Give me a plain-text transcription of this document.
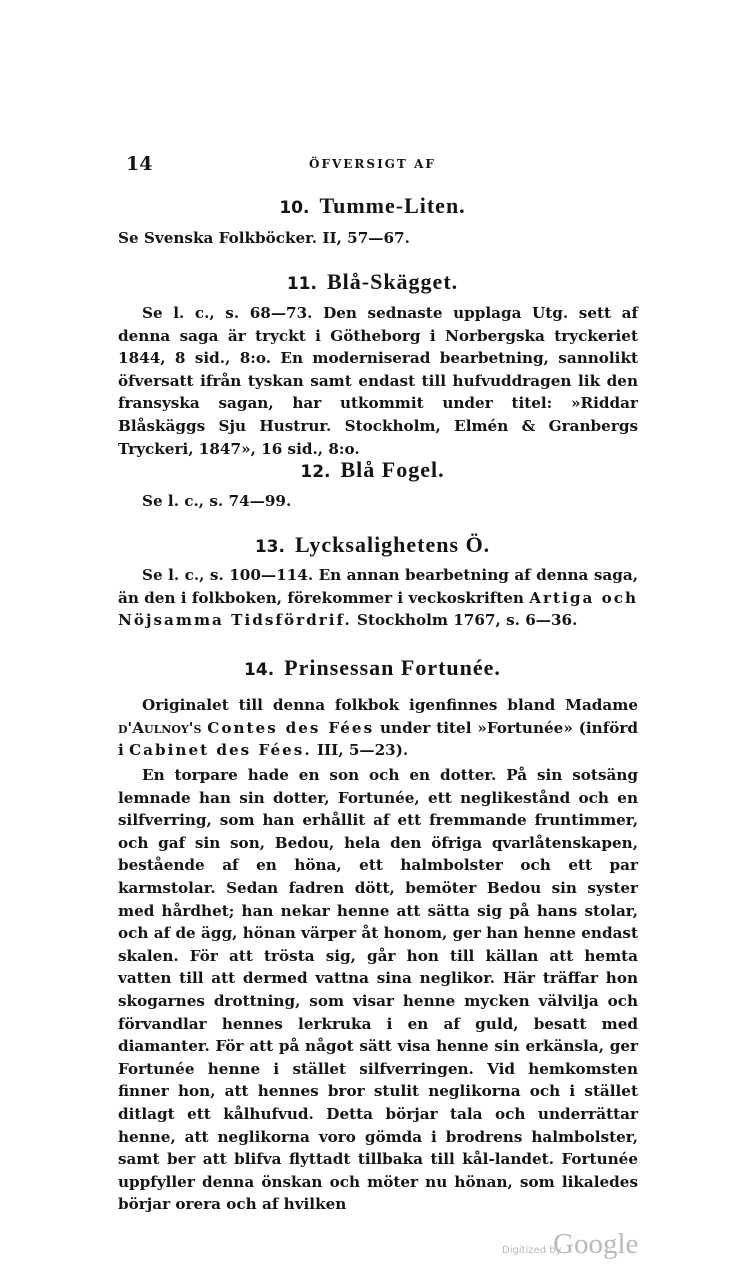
14	ÖFVERSIGT AF
10. Tumme-Liten.
Se Svenska Folkböcker. II, 57—67.
11. Blå-Skägget.
Se l. c., s. 68—73. Den sednaste upplaga Utg. sett af denna saga är tryckt i Götheborg i Norbergska tryckeriet 1844, 8 sid., 8:o. En moderniserad bearbetning, sannolikt öfversatt ifrån tyskan samt endast till hufvuddragen lik den fransyska sagan, har utkommit under titel: »Riddar Blåskäggs Sju Hustrur. Stockholm, Elmén & Granbergs Tryckeri, 1847», 16 sid., 8:o.
12. Blå Fogel.
Se l. c., s. 74—99.
13. Lycksalighetens Ö.
Se l. c., s. 100—114. En annan bearbetning af denna saga, än den i folkboken, förekommer i veckoskriften Artiga och Nöjsamma Tidsfördrif. Stockholm 1767, s. 6—36.
14. Prinsessan Fortunée.
Originalet till denna folkbok igenfinnes bland Madame d'Aulnoy's Contes des Fées under titel »Fortunée» (införd i Cabinet des Fées. III, 5—23).
En torpare hade en son och en dotter. På sin sotsäng lemnade han sin dotter, Fortunée, ett neglikestånd och en silfverring, som han erhållit af ett fremmande fruntimmer, och gaf sin son, Bedou, hela den öfriga qvarlåtenskapen, bestående af en höna, ett halmbolster och ett par karmstolar. Sedan fadren dött, bemöter Bedou sin syster med hårdhet; han nekar henne att sätta sig på hans stolar, och af de ägg, hönan värper åt honom, ger han henne endast skalen. För att trösta sig, går hon till källan att hemta vatten till att dermed vattna sina neglikor. Här träffar hon skogarnes drottning, som visar henne mycken välvilja och förvandlar hennes lerkruka i en af guld, besatt med diamanter. För att på något sätt visa henne sin erkänsla, ger Fortunée henne i stället silfverringen. Vid hemkomsten finner hon, att hennes bror stulit neglikorna och i stället ditlagt ett kålhufvud. Detta börjar tala och underrättar henne, att neglikorna voro gömda i brodrens halmbolster, samt ber att blifva flyttadt tillbaka till kål-landet. Fortunée uppfyller denna önskan och möter nu hönan, som likaledes börjar orera och af hvilken
Digitized by
Google
